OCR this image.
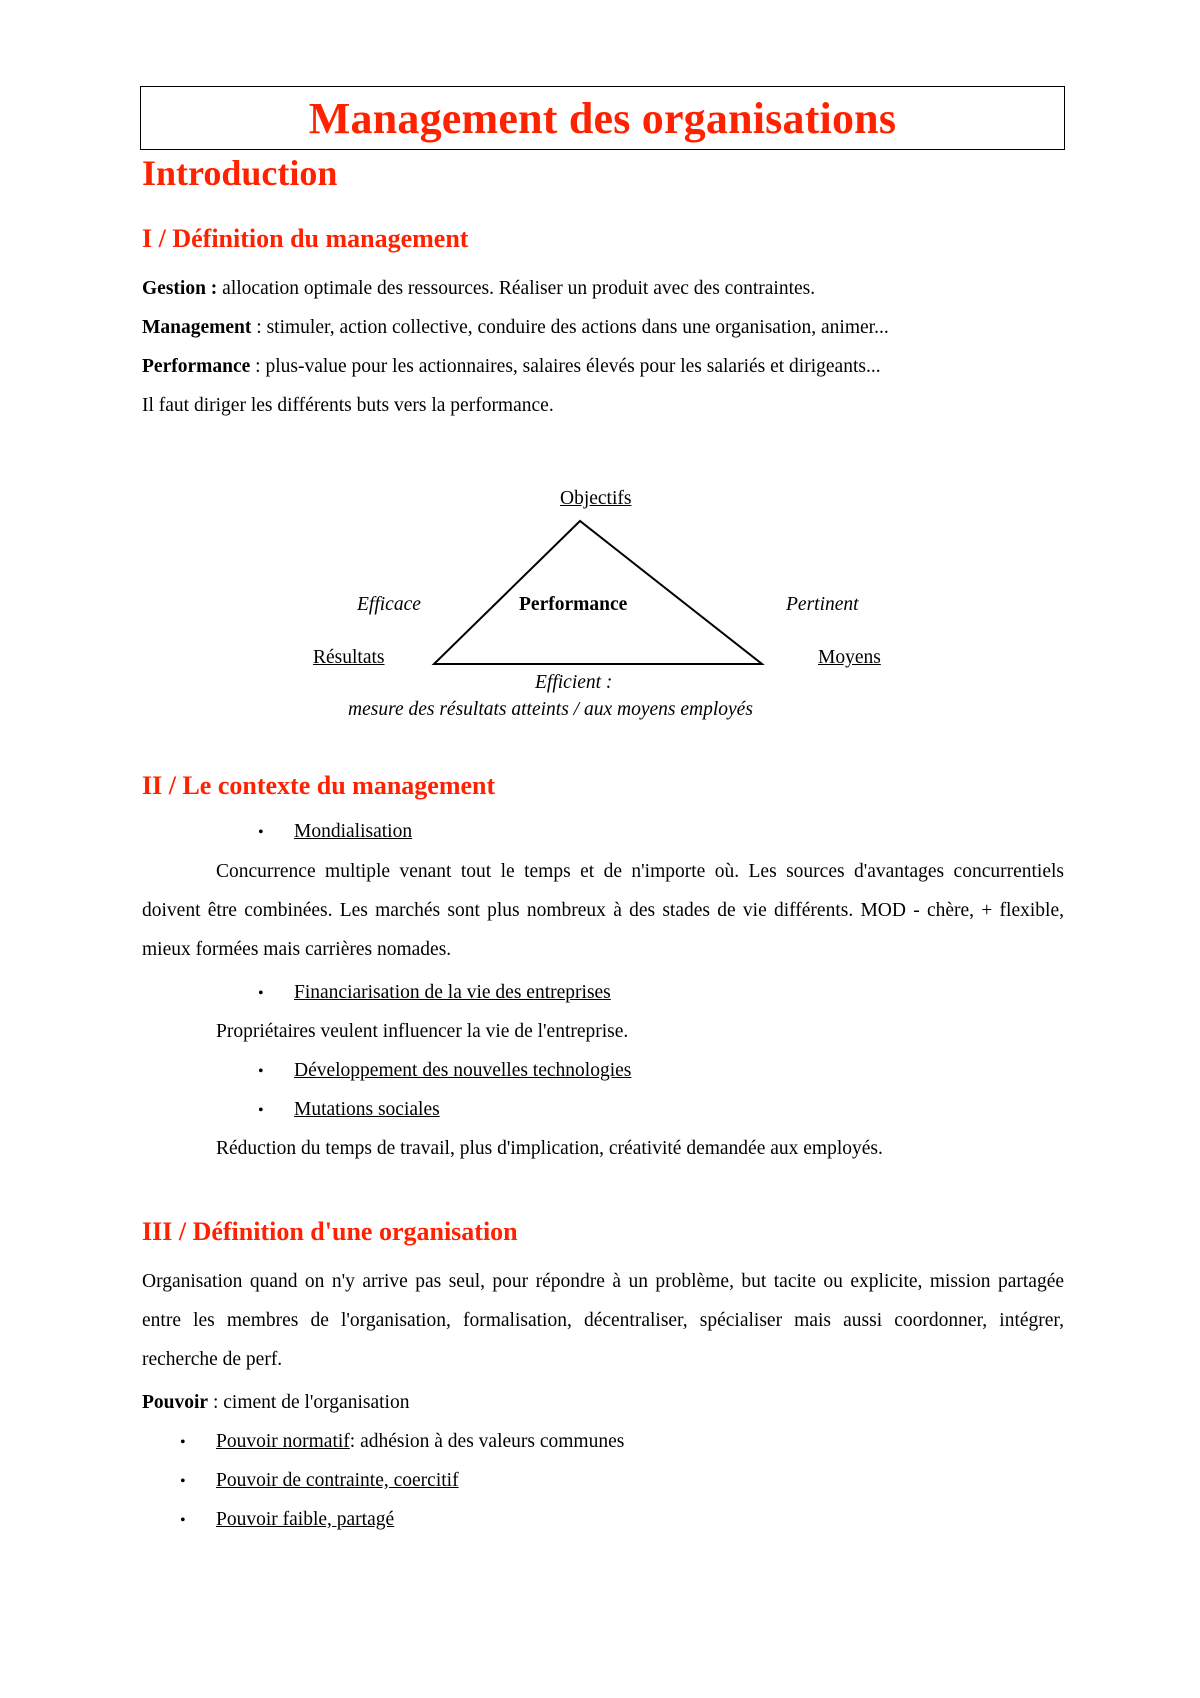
Management des organisations
Introduction
I / Définition du management

Gestion : allocation optimale des ressources. Réaliser un produit avec des contraintes.

Management : stimuler, action collective, conduire des actions dans une organisation, animer...

Performance : plus-value pour les actionnaires, salaires élevés pour les salariés et dirigeants...

Il faut diriger les différents buts vers la performance.

Objectifs
Performance
Efficace	Pertinent
Résultats	Moyens
Efficient :
mesure des résultats atteints / aux moyens employés
II / Le contexte du management

•	Mondialisation

Concurrence multiple venant tout le temps et de n'importe où. Les sources d'avantages concurrentiels doivent être combinées. Les marchés sont plus nombreux à des stades de vie différents. MOD - chère, + flexible, mieux formées mais carrières nomades.

•	Financiarisation de la vie des entreprises

Propriétaires veulent influencer la vie de l'entreprise.

•	Développement des nouvelles technologies

•	Mutations sociales

Réduction du temps de travail, plus d'implication, créativité demandée aux employés.

III / Définition d'une organisation

Organisation quand on n'y arrive pas seul, pour répondre à un problème, but tacite ou explicite, mission partagée entre les membres de l'organisation, formalisation, décentraliser, spécialiser mais aussi coordonner, intégrer, recherche de perf.

Pouvoir : ciment de l'organisation

•	Pouvoir normatif : adhésion à des valeurs communes

•	Pouvoir de contrainte, coercitif

•	Pouvoir faible, partagé
